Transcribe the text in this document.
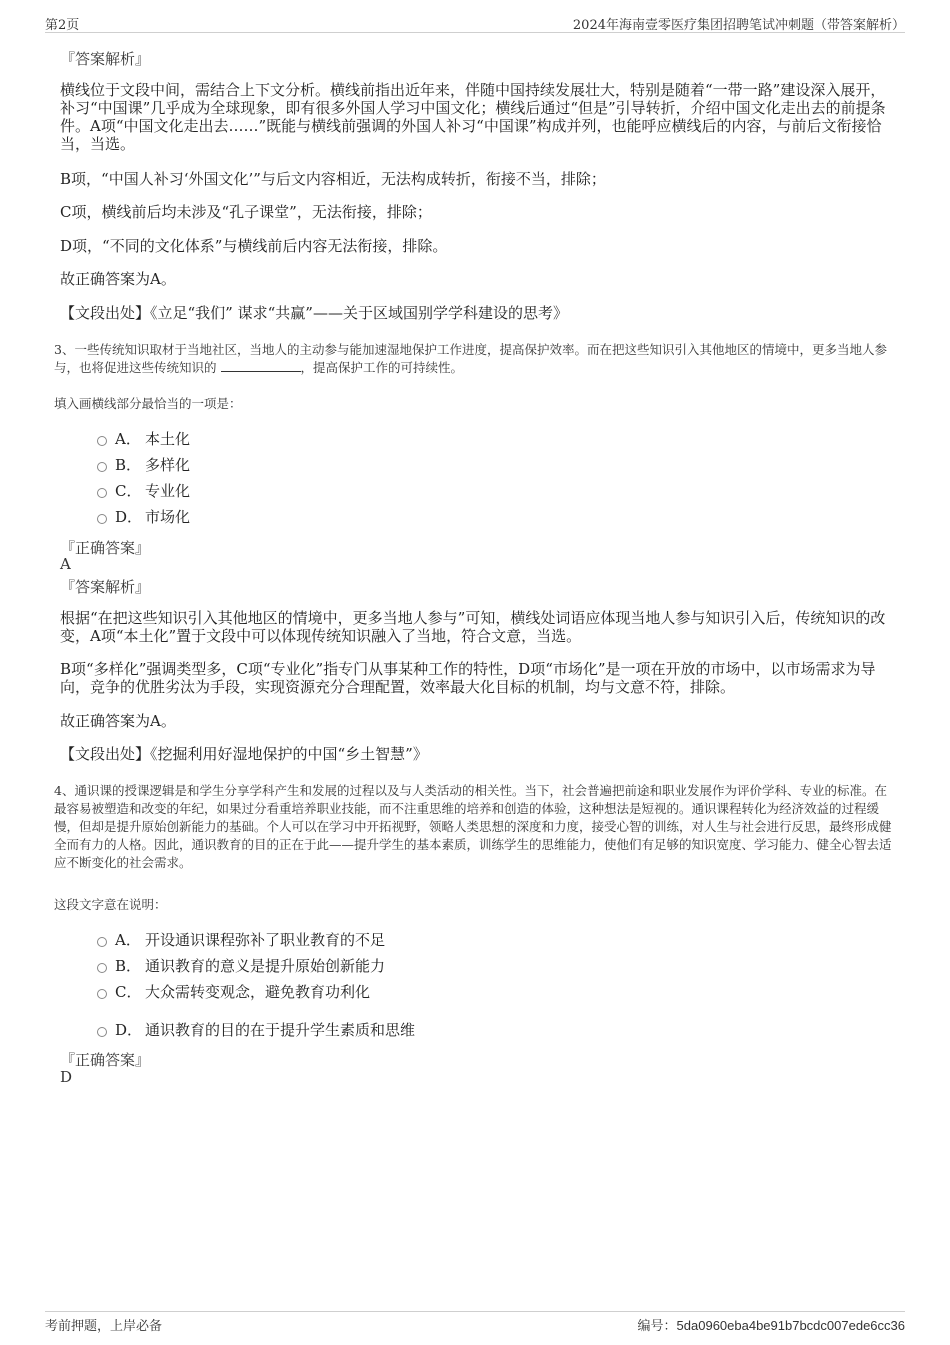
第2页	2024年海南壹零医疗集团招聘笔试冲刺题（带答案解析）
『答案解析』

横线位于文段中间，需结合上下文分析。横线前指出近年来，伴随中国持续发展壮大，特别是随着“一带一路”建设深入展开，补习“中国课”几乎成为全球现象，即有很多外国人学习中国文化；横线后通过“但是”引导转折，介绍中国文化走出去的前提条件。A项“中国文化走出去……”既能与横线前强调的外国人补习“中国课”构成并列，也能呼应横线后的内容，与前后文衔接恰当，当选。

B项，“中国人补习‘外国文化’”与后文内容相近，无法构成转折，衔接不当，排除；

C项，横线前后均未涉及“孔子课堂”，无法衔接，排除；

D项，“不同的文化体系”与横线前后内容无法衔接，排除。

故正确答案为A。

【文段出处】《立足“我们” 谋求“共赢”——关于区域国别学学科建设的思考》

3、一些传统知识取材于当地社区，当地人的主动参与能加速湿地保护工作进度，提高保护效率。而在把这些知识引入其他地区的情境中，更多当地人参与，也将促进这些传统知识的	，提高保护工作的可持续性。

填入画横线部分最恰当的一项是：

A． 本土化
B． 多样化
C． 专业化
D． 市场化
『正确答案』
A
『答案解析』

根据“在把这些知识引入其他地区的情境中，更多当地人参与”可知，横线处词语应体现当地人参与知识引入后，传统知识的改变，A项“本土化”置于文段中可以体现传统知识融入了当地，符合文意，当选。

B项“多样化”强调类型多，C项“专业化”指专门从事某种工作的特性，D项“市场化”是一项在开放的市场中，以市场需求为导向，竞争的优胜劣汰为手段，实现资源充分合理配置，效率最大化目标的机制，均与文意不符，排除。

故正确答案为A。

【文段出处】《挖掘利用好湿地保护的中国“乡土智慧”》

4、通识课的授课逻辑是和学生分享学科产生和发展的过程以及与人类活动的相关性。当下，社会普遍把前途和职业发展作为评价学科、专业的标准。在最容易被塑造和改变的年纪，如果过分看重培养职业技能，而不注重思维的培养和创造的体验，这种想法是短视的。通识课程转化为经济效益的过程缓慢，但却是提升原始创新能力的基础。个人可以在学习中开拓视野，领略人类思想的深度和力度，接受心智的训练，对人生与社会进行反思，最终形成健全而有力的人格。因此，通识教育的目的正在于此——提升学生的基本素质，训练学生的思维能力，使他们有足够的知识宽度、学习能力、健全心智去适应不断变化的社会需求。

这段文字意在说明：

A． 开设通识课程弥补了职业教育的不足
B． 通识教育的意义是提升原始创新能力
C． 大众需转变观念，避免教育功利化
D． 通识教育的目的在于提升学生素质和思维
『正确答案』
D
考前押题，上岸必备	编号：5da0960eba4be91b7bcdc007ede6cc36
